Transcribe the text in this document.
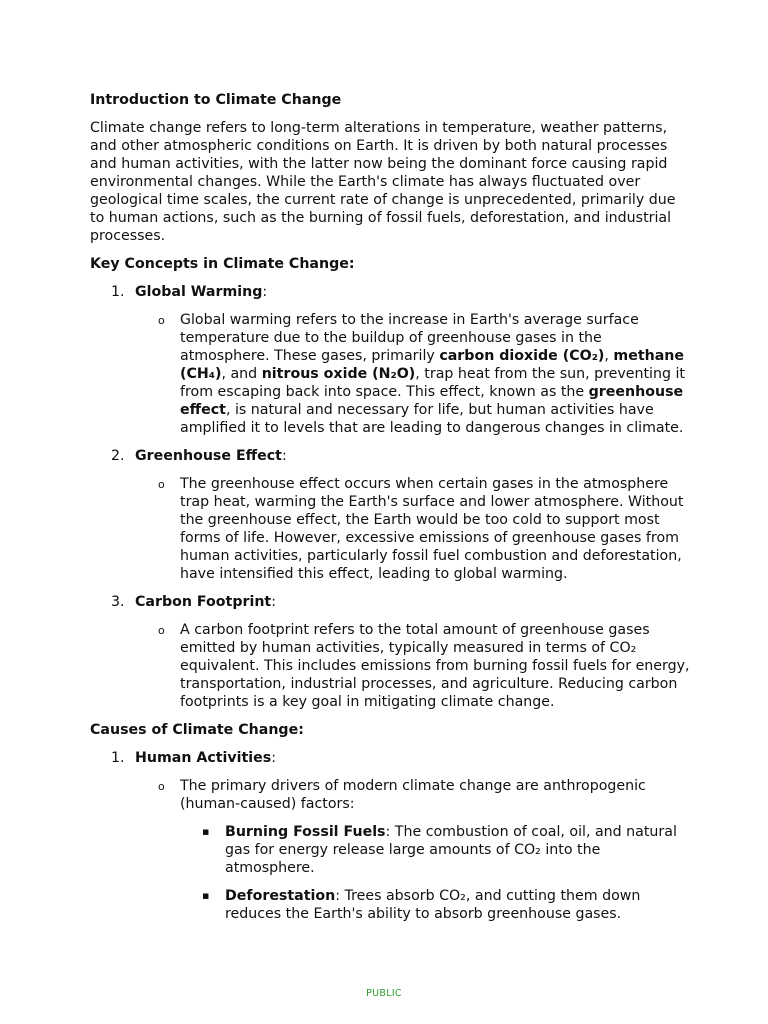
Introduction to Climate Change

Climate change refers to long-term alterations in temperature, weather patterns, and other atmospheric conditions on Earth. It is driven by both natural processes and human activities, with the latter now being the dominant force causing rapid environmental changes. While the Earth's climate has always fluctuated over geological time scales, the current rate of change is unprecedented, primarily due to human actions, such as the burning of fossil fuels, deforestation, and industrial processes.

Key Concepts in Climate Change:
1. Global Warming:
o Global warming refers to the increase in Earth's average surface temperature due to the buildup of greenhouse gases in the atmosphere. These gases, primarily carbon dioxide (CO₂), methane (CH₄), and nitrous oxide (N₂O), trap heat from the sun, preventing it from escaping back into space. This effect, known as the greenhouse effect, is natural and necessary for life, but human activities have amplified it to levels that are leading to dangerous changes in climate.
2. Greenhouse Effect:
o The greenhouse effect occurs when certain gases in the atmosphere trap heat, warming the Earth's surface and lower atmosphere. Without the greenhouse effect, the Earth would be too cold to support most forms of life. However, excessive emissions of greenhouse gases from human activities, particularly fossil fuel combustion and deforestation, have intensified this effect, leading to global warming.
3. Carbon Footprint:
o A carbon footprint refers to the total amount of greenhouse gases emitted by human activities, typically measured in terms of CO₂ equivalent. This includes emissions from burning fossil fuels for energy, transportation, industrial processes, and agriculture. Reducing carbon footprints is a key goal in mitigating climate change.
Causes of Climate Change:
1. Human Activities:
o The primary drivers of modern climate change are anthropogenic (human-caused) factors:
▪ Burning Fossil Fuels: The combustion of coal, oil, and natural gas for energy release large amounts of CO₂ into the atmosphere.
▪ Deforestation: Trees absorb CO₂, and cutting them down reduces the Earth's ability to absorb greenhouse gases.
PUBLIC
